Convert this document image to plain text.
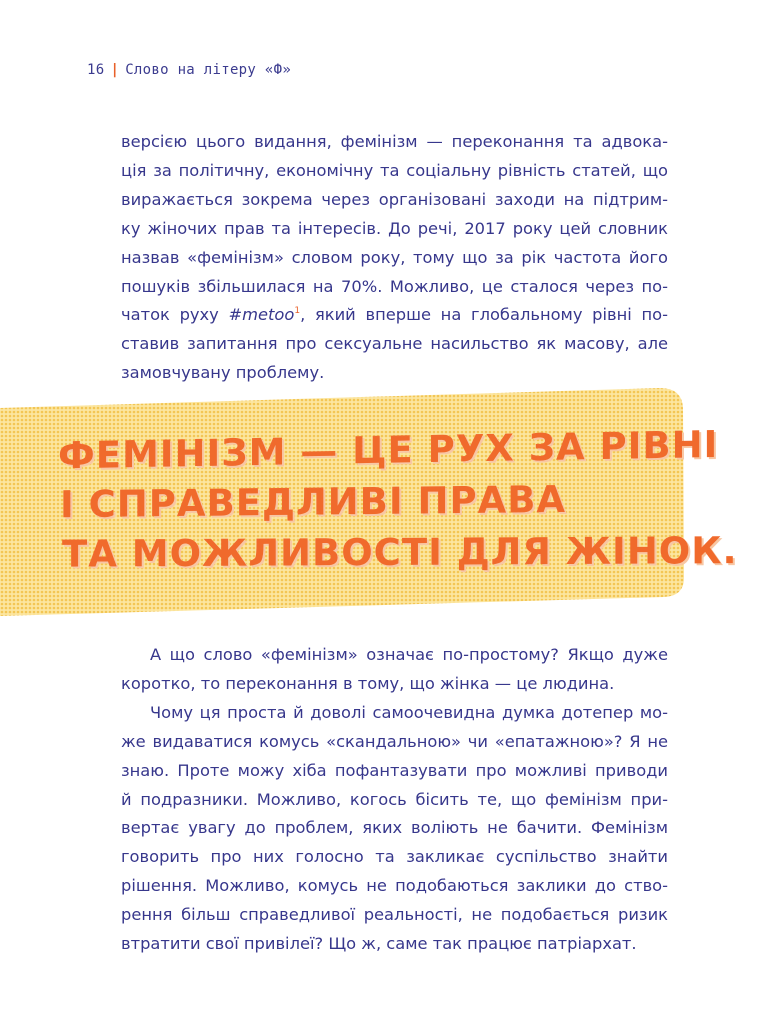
16 | Слово на літеру «Ф»

версією цього видання, фемінізм — переконання та адвока-
ція за політичну, економічну та соціальну рівність статей, що
виражається зокрема через організовані заходи на підтрим-
ку жіночих прав та інтересів. До речі, 2017 року цей словник
назвав «фемінізм» словом року, тому що за рік частота його
пошуків збільшилася на 70%. Можливо, це сталося через по-
чаток руху #metoo$^1$, який вперше на глобальному рівні по-
ставив запитання про сексуальне насильство як масову, але
замовчувану проблему.

ФЕМІНІЗМ — ЦЕ РУХ ЗА РІВНІ
І СПРАВЕДЛИВІ ПРАВА
ТА МОЖЛИВОСТІ ДЛЯ ЖІНОК.

А що слово «фемінізм» означає по-простому? Якщо дуже
коротко, то переконання в тому, що жінка — це людина.
Чому ця проста й доволі самоочевидна думка дотепер мо-
же видаватися комусь «скандальною» чи «епатажною»? Я не
знаю. Проте можу хіба пофантазувати про можливі приводи
й подразники. Можливо, когось бісить те, що фемінізм при-
вертає увагу до проблем, яких воліють не бачити. Фемінізм
говорить про них голосно та закликає суспільство знайти
рішення. Можливо, комусь не подобаються заклики до ство-
рення більш справедливої реальності, не подобається ризик
втратити свої привілеї? Що ж, саме так працює патріархат.
